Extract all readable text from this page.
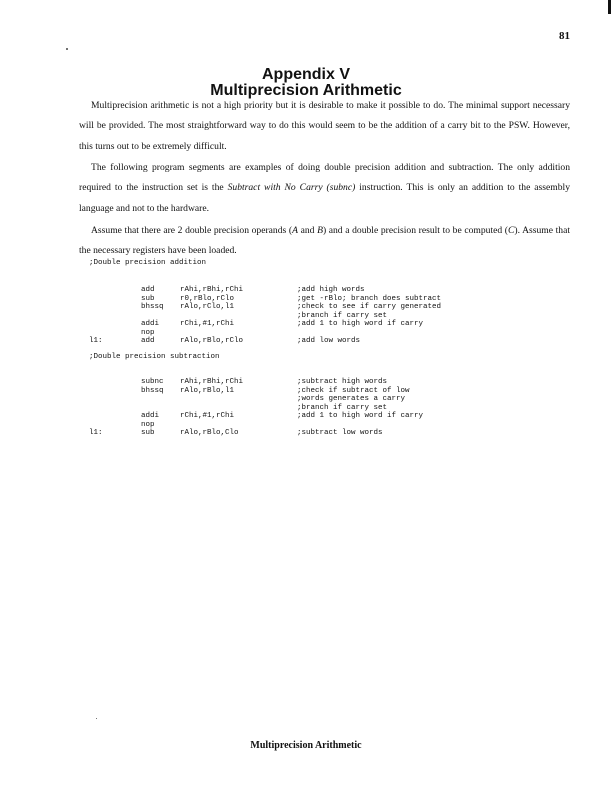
81
Appendix V
Multiprecision Arithmetic

Multiprecision arithmetic is not a high priority but it is desirable to make it possible to do. The minimal support necessary will be provided. The most straightforward way to do this would seem to be the addition of a carry bit to the PSW. However, this turns out to be extremely difficult.

The following program segments are examples of doing double precision addition and subtraction. The only addition required to the instruction set is the Subtract with No Carry (subnc) instruction. This is only an addition to the assembly language and not to the hardware.

Assume that there are 2 double precision operands (A and B) and a double precision result to be computed (C). Assume that the necessary registers have been loaded.

;Double precision addition

add	rAhi,rBhi,rChi	;add high words

sub	r0,rBlo,rClo	;get -rBlo; branch does subtract

bhssq rAlo,rClo,l1	;check to see if carry generated

;branch if carry set

addi	rChi,#1,rChi	;add 1 to high word if carry

nop

l1:	add	rAlo,rBlo,rClo	;add low words

;Double precision subtraction

subnc rAhi,rBhi,rChi	;subtract high words

bhssq rAlo,rBlo,l1	;check if subtract of low

;words generates a carry

;branch if carry set

addi	rChi,#1,rChi	;add 1 to high word if carry

nop

l1:	sub	rAlo,rBlo,Clo	;subtract low words

Multiprecision Arithmetic
